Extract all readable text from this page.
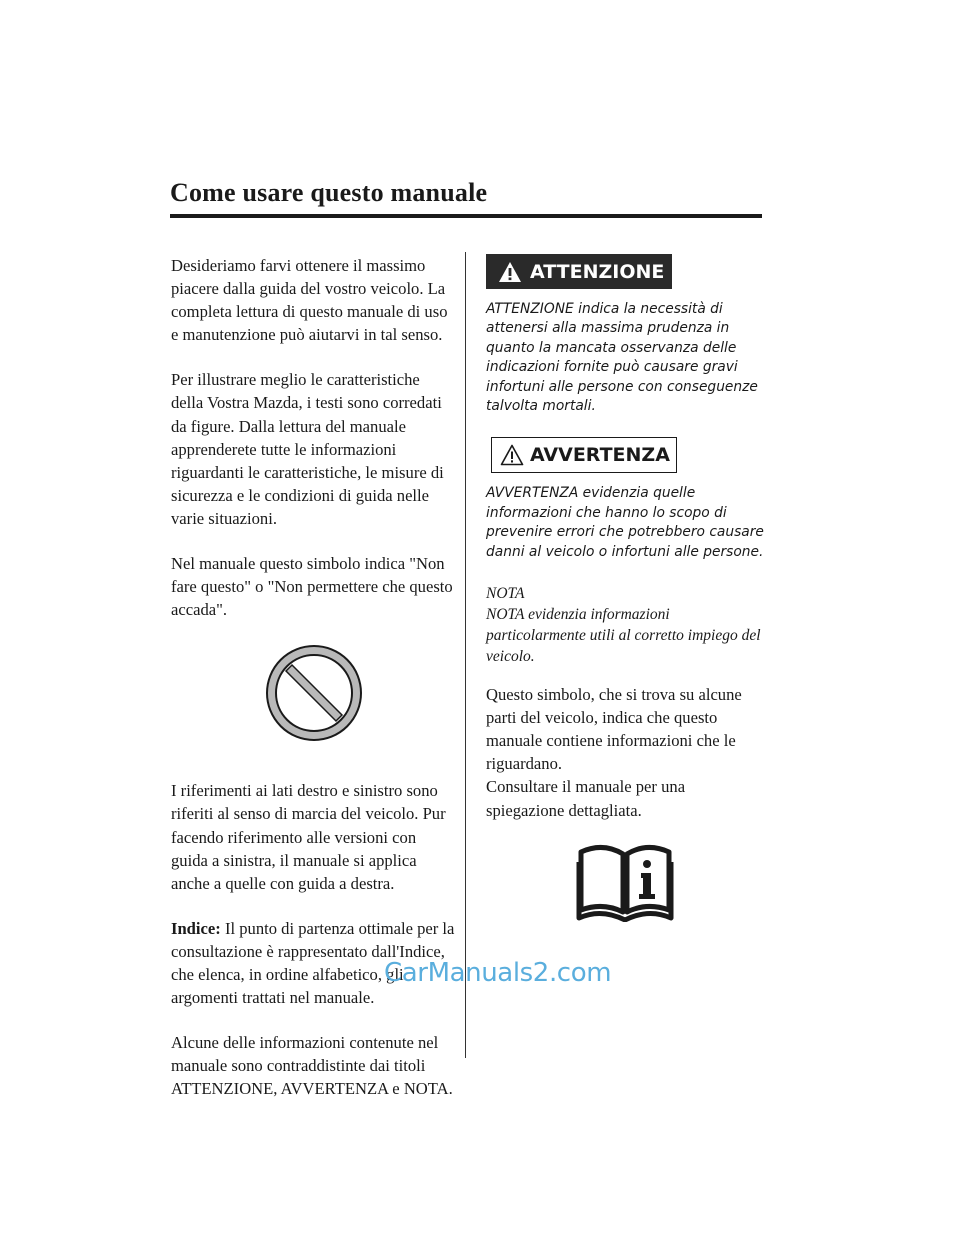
Come usare questo manuale

Desideriamo farvi ottenere il massimo piacere dalla guida del vostro veicolo. La completa lettura di questo manuale di uso e manutenzione può aiutarvi in tal senso.

Per illustrare meglio le caratteristiche della Vostra Mazda, i testi sono corredati da figure. Dalla lettura del manuale apprenderete tutte le informazioni riguardanti le caratteristiche, le misure di sicurezza e le condizioni di guida nelle varie situazioni.

Nel manuale questo simbolo indica "Non fare questo" o "Non permettere che questo accada".

I riferimenti ai lati destro e sinistro sono riferiti al senso di marcia del veicolo. Pur facendo riferimento alle versioni con guida a sinistra, il manuale si applica anche a quelle con guida a destra.

Indice: Il punto di partenza ottimale per la consultazione è rappresentato dall'Indice, che elenca, in ordine alfabetico, gli argomenti trattati nel manuale.

Alcune delle informazioni contenute nel manuale sono contraddistinte dai titoli ATTENZIONE, AVVERTENZA e NOTA.

ATTENZIONE

ATTENZIONE indica la necessità di attenersi alla massima prudenza in quanto la mancata osservanza delle indicazioni fornite può causare gravi infortuni alle persone con conseguenze talvolta mortali.

AVVERTENZA

AVVERTENZA evidenzia quelle informazioni che hanno lo scopo di prevenire errori che potrebbero causare danni al veicolo o infortuni alle persone.

NOTA

NOTA evidenzia informazioni particolarmente utili al corretto impiego del veicolo.

Questo simbolo, che si trova su alcune parti del veicolo, indica che questo manuale contiene informazioni che le riguardano.

Consultare il manuale per una spiegazione dettagliata.

CarManuals2.com
